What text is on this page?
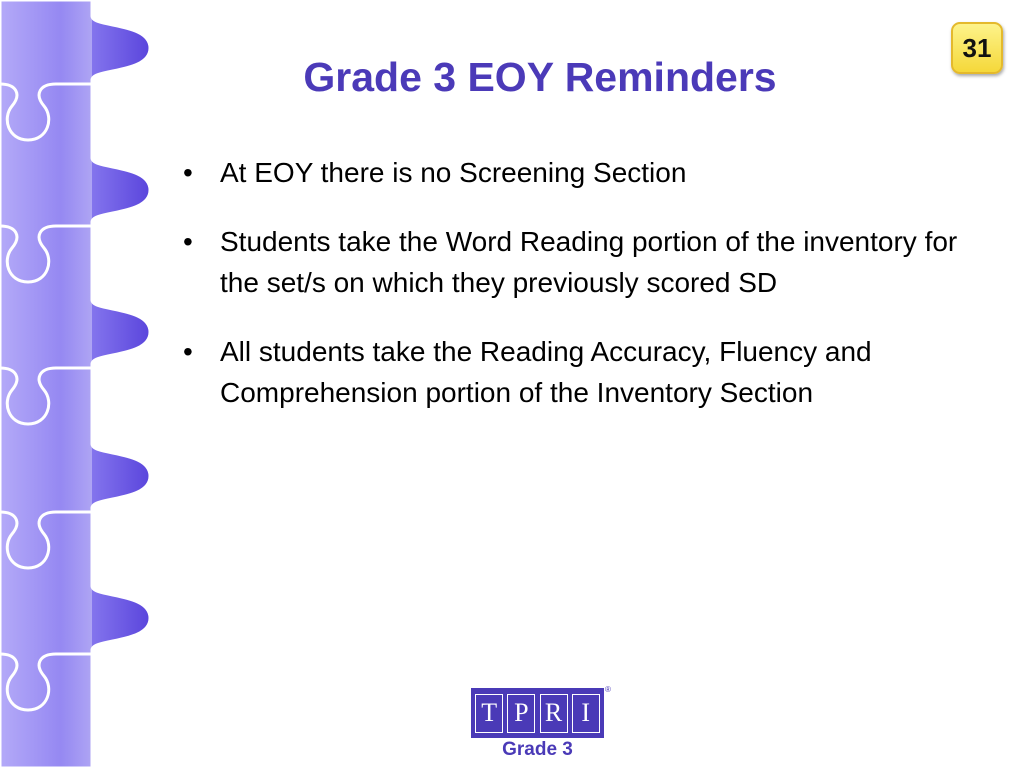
Grade 3 EOY Reminders
31
• At EOY there is no Screening Section
• Students take the Word Reading portion of the inventory for the set/s on which they previously scored SD
• All students take the Reading Accuracy, Fluency and Comprehension portion of the Inventory Section
T P R I
®
Grade 3
